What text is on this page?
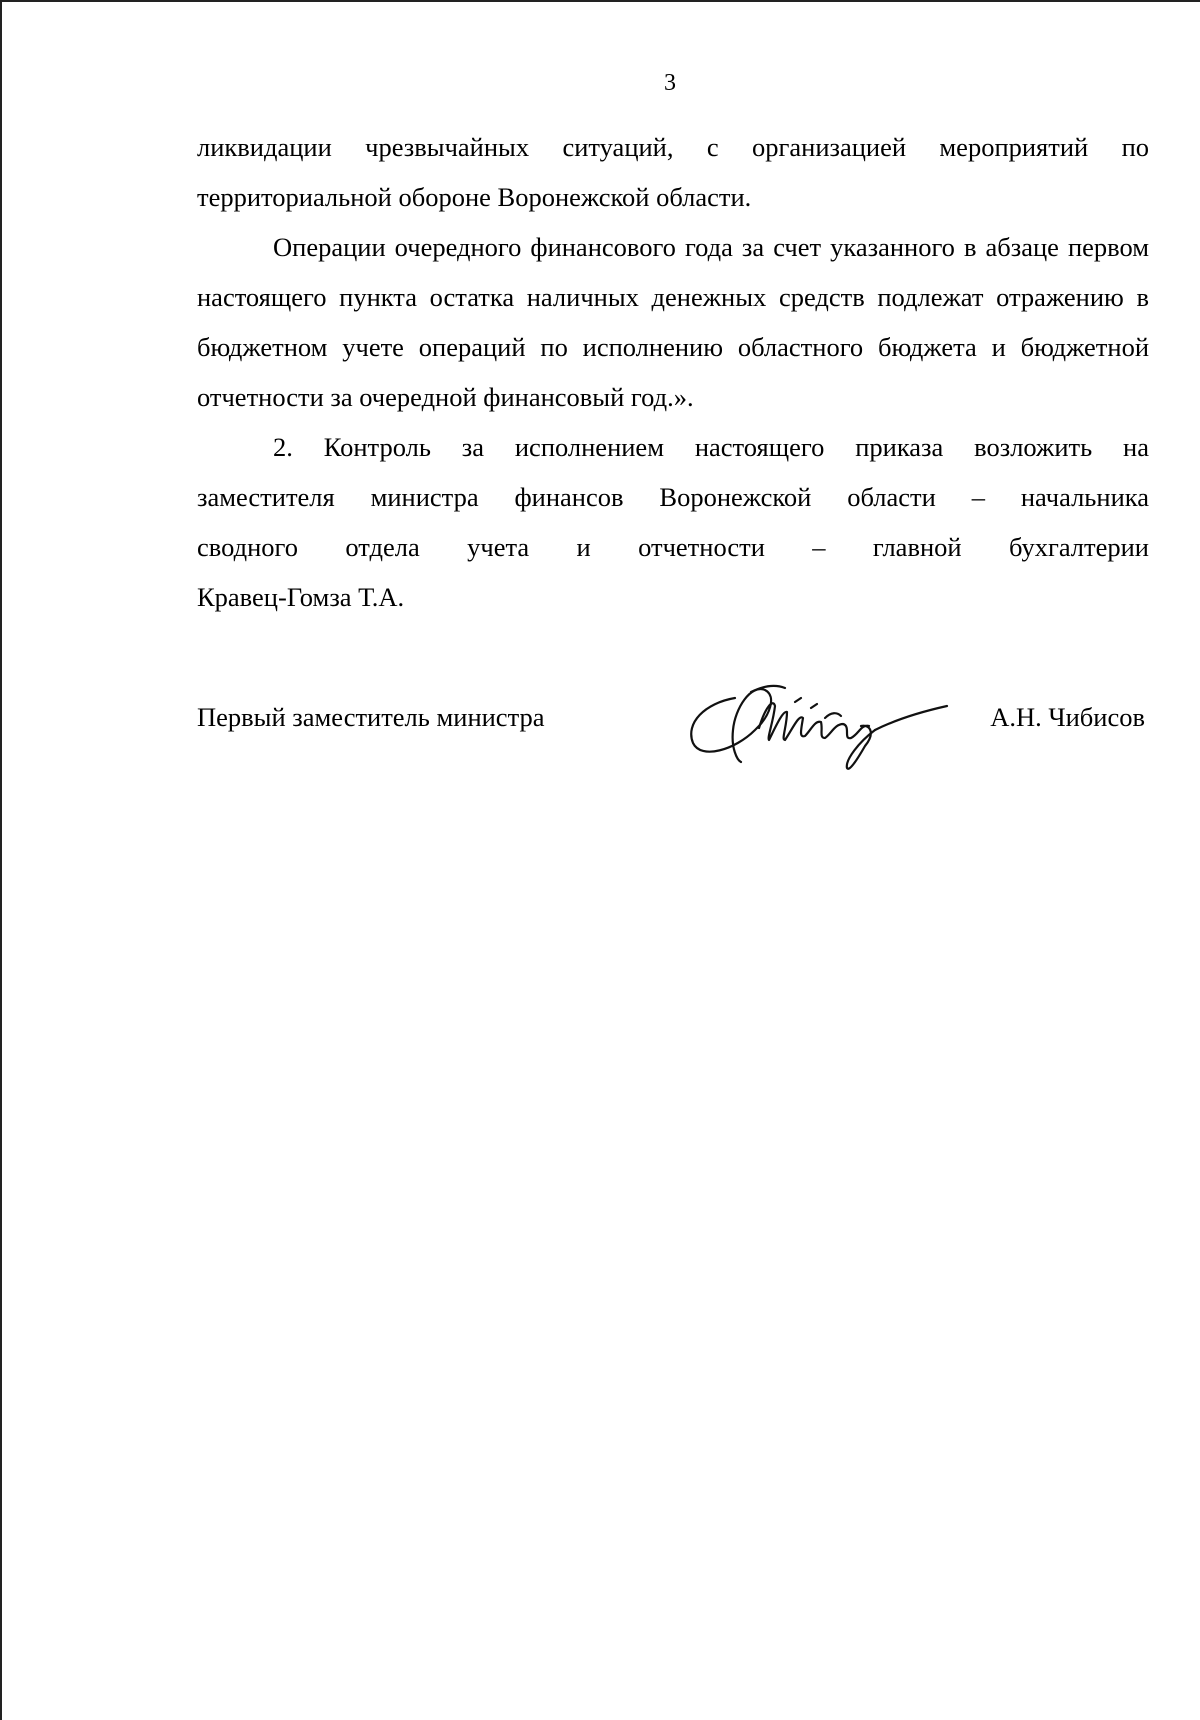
3

ликвидации чрезвычайных ситуаций, с организацией мероприятий по территориальной обороне Воронежской области.

Операции очередного финансового года за счет указанного в абзаце первом настоящего пункта остатка наличных денежных средств подлежат отражению в бюджетном учете операций по исполнению областного бюджета и бюджетной отчетности за очередной финансовый год.».

2. Контроль за исполнением настоящего приказа возложить на
заместителя министра финансов Воронежской области – начальника
сводного отдела учета и отчетности – главной бухгалтерии
Кравец-Гомза Т.А.
Первый заместитель министра	А.Н. Чибисов
